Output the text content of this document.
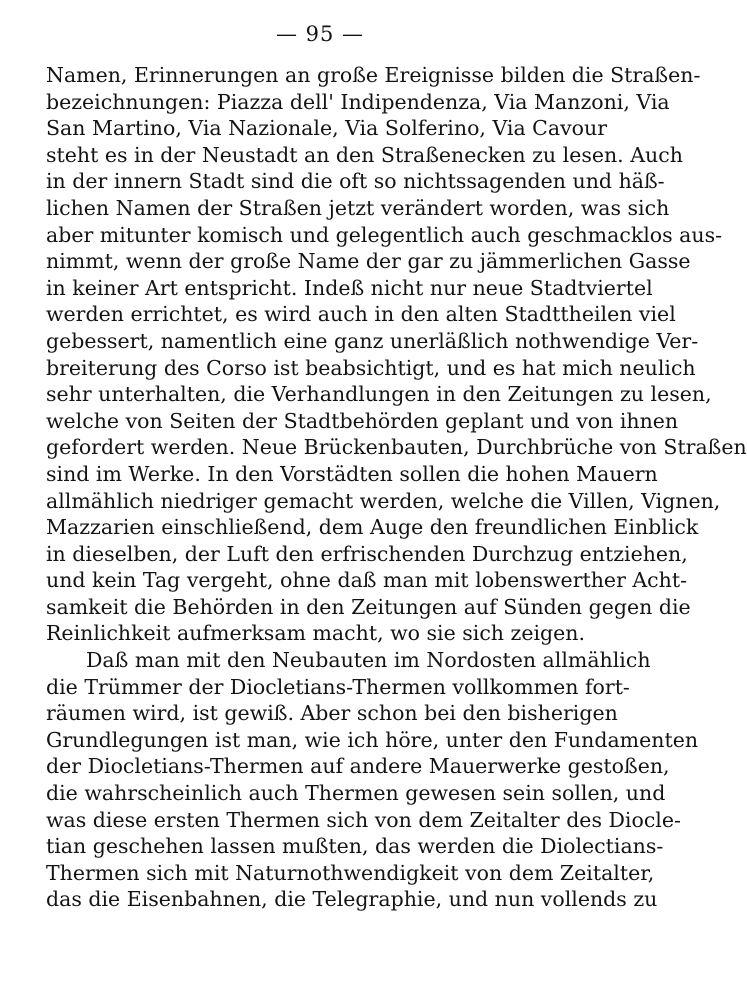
— 95 —
Namen, Erinnerungen an große Ereignisse bilden die Straßen-
bezeichnungen: Piazza dell' Indipendenza, Via Manzoni, Via
San Martino, Via Nazionale, Via Solferino, Via Cavour
steht es in der Neustadt an den Straßenecken zu lesen. Auch
in der innern Stadt sind die oft so nichtssagenden und häß-
lichen Namen der Straßen jetzt verändert worden, was sich
aber mitunter komisch und gelegentlich auch geschmacklos aus-
nimmt, wenn der große Name der gar zu jämmerlichen Gasse
in keiner Art entspricht. Indeß nicht nur neue Stadtviertel
werden errichtet, es wird auch in den alten Stadttheilen viel
gebessert, namentlich eine ganz unerläßlich nothwendige Ver-
breiterung des Corso ist beabsichtigt, und es hat mich neulich
sehr unterhalten, die Verhandlungen in den Zeitungen zu lesen,
welche von Seiten der Stadtbehörden geplant und von ihnen
gefordert werden. Neue Brückenbauten, Durchbrüche von Straßen
sind im Werke. In den Vorstädten sollen die hohen Mauern
allmählich niedriger gemacht werden, welche die Villen, Vignen,
Mazzarien einschließend, dem Auge den freundlichen Einblick
in dieselben, der Luft den erfrischenden Durchzug entziehen,
und kein Tag vergeht, ohne daß man mit lobenswerther Acht-
samkeit die Behörden in den Zeitungen auf Sünden gegen die
Reinlichkeit aufmerksam macht, wo sie sich zeigen.
Daß man mit den Neubauten im Nordosten allmählich
die Trümmer der Diocletians-Thermen vollkommen fort-
räumen wird, ist gewiß. Aber schon bei den bisherigen
Grundlegungen ist man, wie ich höre, unter den Fundamenten
der Diocletians-Thermen auf andere Mauerwerke gestoßen,
die wahrscheinlich auch Thermen gewesen sein sollen, und
was diese ersten Thermen sich von dem Zeitalter des Diocle-
tian geschehen lassen mußten, das werden die Diolectians-
Thermen sich mit Naturnothwendigkeit von dem Zeitalter,
das die Eisenbahnen, die Telegraphie, und nun vollends zu
